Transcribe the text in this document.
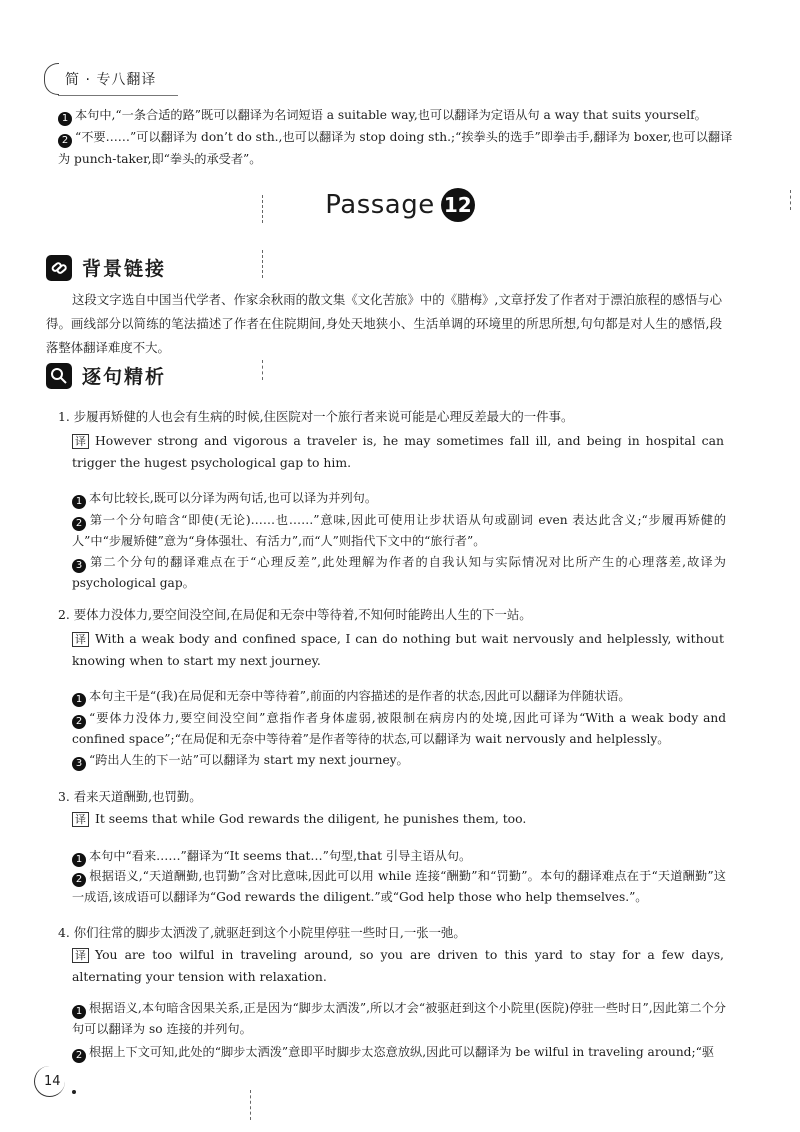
简 · 专八翻译
1 本句中,“一条合适的路”既可以翻译为名词短语 a suitable way,也可以翻译为定语从句 a way that suits yourself。
2 “不要……”可以翻译为 don’t do sth.,也可以翻译为 stop doing sth.;“挨拳头的选手”即拳击手,翻译为 boxer,也可以翻译为 punch-taker,即“拳头的承受者”。
Passage 12
背景链接
这段文字选自中国当代学者、作家余秋雨的散文集《文化苦旅》中的《腊梅》,文章抒发了作者对于漂泊旅程的感悟与心得。画线部分以简练的笔法描述了作者在住院期间,身处天地狭小、生活单调的环境里的所思所想,句句都是对人生的感悟,段落整体翻译难度不大。
逐句精析
1. 步履再矫健的人也会有生病的时候,住医院对一个旅行者来说可能是心理反差最大的一件事。
译 However strong and vigorous a traveler is, he may sometimes fall ill, and being in hospital can trigger the hugest psychological gap to him.
1 本句比较长,既可以分译为两句话,也可以译为并列句。
2 第一个分句暗含“即使(无论)……也……”意味,因此可使用让步状语从句或副词 even 表达此含义;“步履再矫健的人”中“步履矫健”意为“身体强壮、有活力”,而“人”则指代下文中的“旅行者”。
3 第二个分句的翻译难点在于“心理反差”,此处理解为作者的自我认知与实际情况对比所产生的心理落差,故译为 psychological gap。
2. 要体力没体力,要空间没空间,在局促和无奈中等待着,不知何时能跨出人生的下一站。
译 With a weak body and confined space, I can do nothing but wait nervously and helplessly, without knowing when to start my next journey.
1 本句主干是“(我)在局促和无奈中等待着”,前面的内容描述的是作者的状态,因此可以翻译为伴随状语。
2 “要体力没体力,要空间没空间”意指作者身体虚弱,被限制在病房内的处境,因此可译为“With a weak body and confined space”;“在局促和无奈中等待着”是作者等待的状态,可以翻译为 wait nervously and helplessly。
3 “跨出人生的下一站”可以翻译为 start my next journey。
3. 看来天道酬勤,也罚勤。
译 It seems that while God rewards the diligent, he punishes them, too.
1 本句中“看来……”翻译为“It seems that…”句型,that 引导主语从句。
2 根据语义,“天道酬勤,也罚勤”含对比意味,因此可以用 while 连接“酬勤”和“罚勤”。本句的翻译难点在于“天道酬勤”这一成语,该成语可以翻译为“God rewards the diligent.”或“God help those who help themselves.”。
4. 你们往常的脚步太洒泼了,就驱赶到这个小院里停驻一些时日,一张一弛。
译 You are too wilful in traveling around, so you are driven to this yard to stay for a few days, alternating your tension with relaxation.
1 根据语义,本句暗含因果关系,正是因为“脚步太洒泼”,所以才会“被驱赶到这个小院里(医院)停驻一些时日”,因此第二个分句可以翻译为 so 连接的并列句。
2 根据上下文可知,此处的“脚步太洒泼”意即平时脚步太恣意放纵,因此可以翻译为 be wilful in traveling around;“驱
14
